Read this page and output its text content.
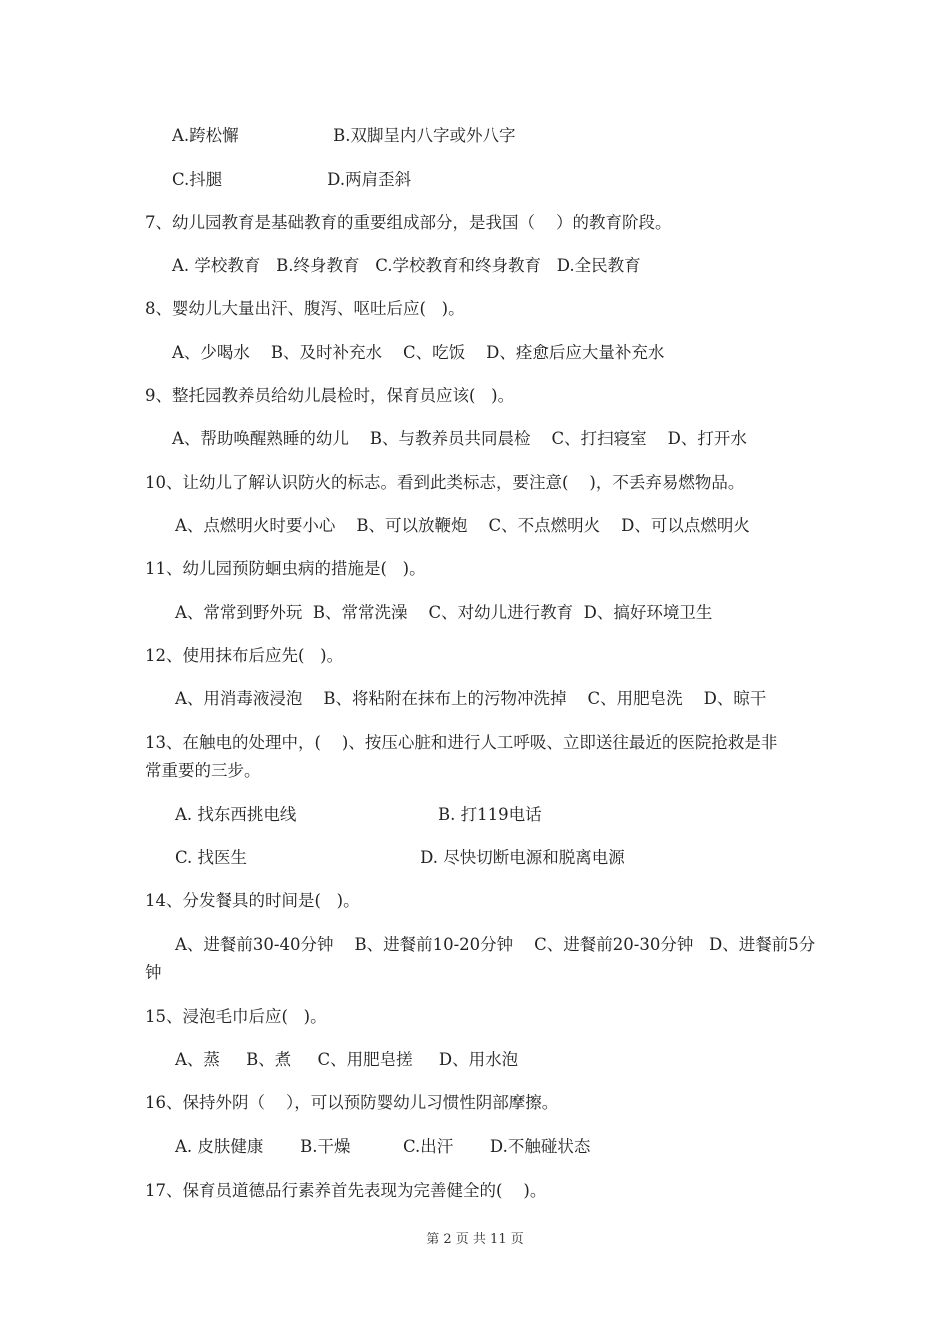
A.跨松懈                  B.双脚呈内八字或外八字
C.抖腿                    D.两肩歪斜
7、幼儿园教育是基础教育的重要组成部分，是我国（    ）的教育阶段。
A. 学校教育   B.终身教育   C.学校教育和终身教育   D.全民教育
8、婴幼儿大量出汗、腹泻、呕吐后应(   )。
A、少喝水    B、及时补充水    C、吃饭    D、痊愈后应大量补充水
9、整托园教养员给幼儿晨检时，保育员应该(   )。
A、帮助唤醒熟睡的幼儿    B、与教养员共同晨检    C、打扫寝室    D、打开水
10、让幼儿了解认识防火的标志。看到此类标志，要注意(    )，不丢弃易燃物品。
A、点燃明火时要小心    B、可以放鞭炮    C、不点燃明火    D、可以点燃明火
11、幼儿园预防蛔虫病的措施是(   )。
A、常常到野外玩  B、常常洗澡    C、对幼儿进行教育  D、搞好环境卫生
12、使用抹布后应先(   )。
A、用消毒液浸泡    B、将粘附在抹布上的污物冲洗掉    C、用肥皂洗    D、晾干
13、在触电的处理中，(    )、按压心脏和进行人工呼吸、立即送往最近的医院抢救是非
常重要的三步。
A. 找东西挑电线                           B. 打119电话
C. 找医生                                 D. 尽快切断电源和脱离电源
14、分发餐具的时间是(   )。
A、进餐前30-40分钟    B、进餐前10-20分钟    C、进餐前20-30分钟   D、进餐前5分
钟
15、浸泡毛巾后应(   )。
A、蒸     B、煮     C、用肥皂搓     D、用水泡
16、保持外阴（    ），可以预防婴幼儿习惯性阴部摩擦。
A. 皮肤健康       B.干燥          C.出汗       D.不触碰状态
17、保育员道德品行素养首先表现为完善健全的(    )。
第 2 页 共 11 页
